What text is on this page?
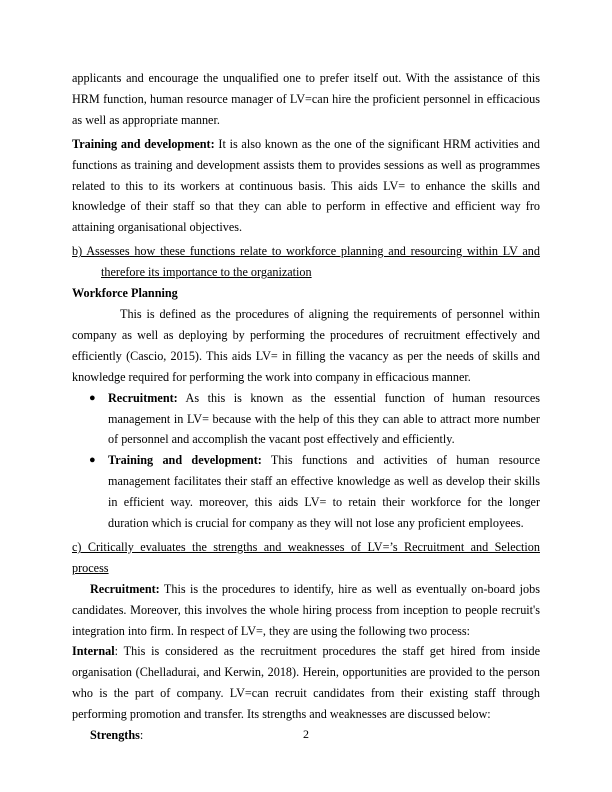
applicants and encourage the unqualified one to prefer itself out. With the assistance of this HRM function, human resource manager of LV=can hire the proficient personnel in efficacious as well as appropriate manner.

Training and development: It is also known as the one of the significant HRM activities and functions as training and development assists them to provides sessions as well as programmes related to this to its workers at continuous basis. This aids LV= to enhance the skills and knowledge of their staff so that they can able to perform in effective and efficient way fro attaining organisational objectives.

b) Assesses how these functions relate to workforce planning and resourcing within LV and therefore its importance to the organization

Workforce Planning

This is defined as the procedures of aligning the requirements of personnel within company as well as deploying by performing the procedures of recruitment effectively and efficiently (Cascio, 2015). This aids LV= in filling the vacancy as per the needs of skills and knowledge required for performing the work into company in efficacious manner.

● Recruitment: As this is known as the essential function of human resources management in LV= because with the help of this they can able to attract more number of personnel and accomplish the vacant post effectively and efficiently.
● Training and development: This functions and activities of human resource management facilitates their staff an effective knowledge as well as develop their skills in efficient way. moreover, this aids LV= to retain their workforce for the longer duration which is crucial for company as they will not lose any proficient employees.

c) Critically evaluates the strengths and weaknesses of LV=’s Recruitment and Selection process

Recruitment: This is the procedures to identify, hire as well as eventually on-board jobs candidates. Moreover, this involves the whole hiring process from inception to people recruit's integration into firm. In respect of LV=, they are using the following two process:

Internal: This is considered as the recruitment procedures the staff get hired from inside organisation (Chelladurai, and Kerwin, 2018). Herein, opportunities are provided to the person who is the part of company. LV=can recruit candidates from their existing staff through performing promotion and transfer. Its strengths and weaknesses are discussed below:

Strengths:	2
